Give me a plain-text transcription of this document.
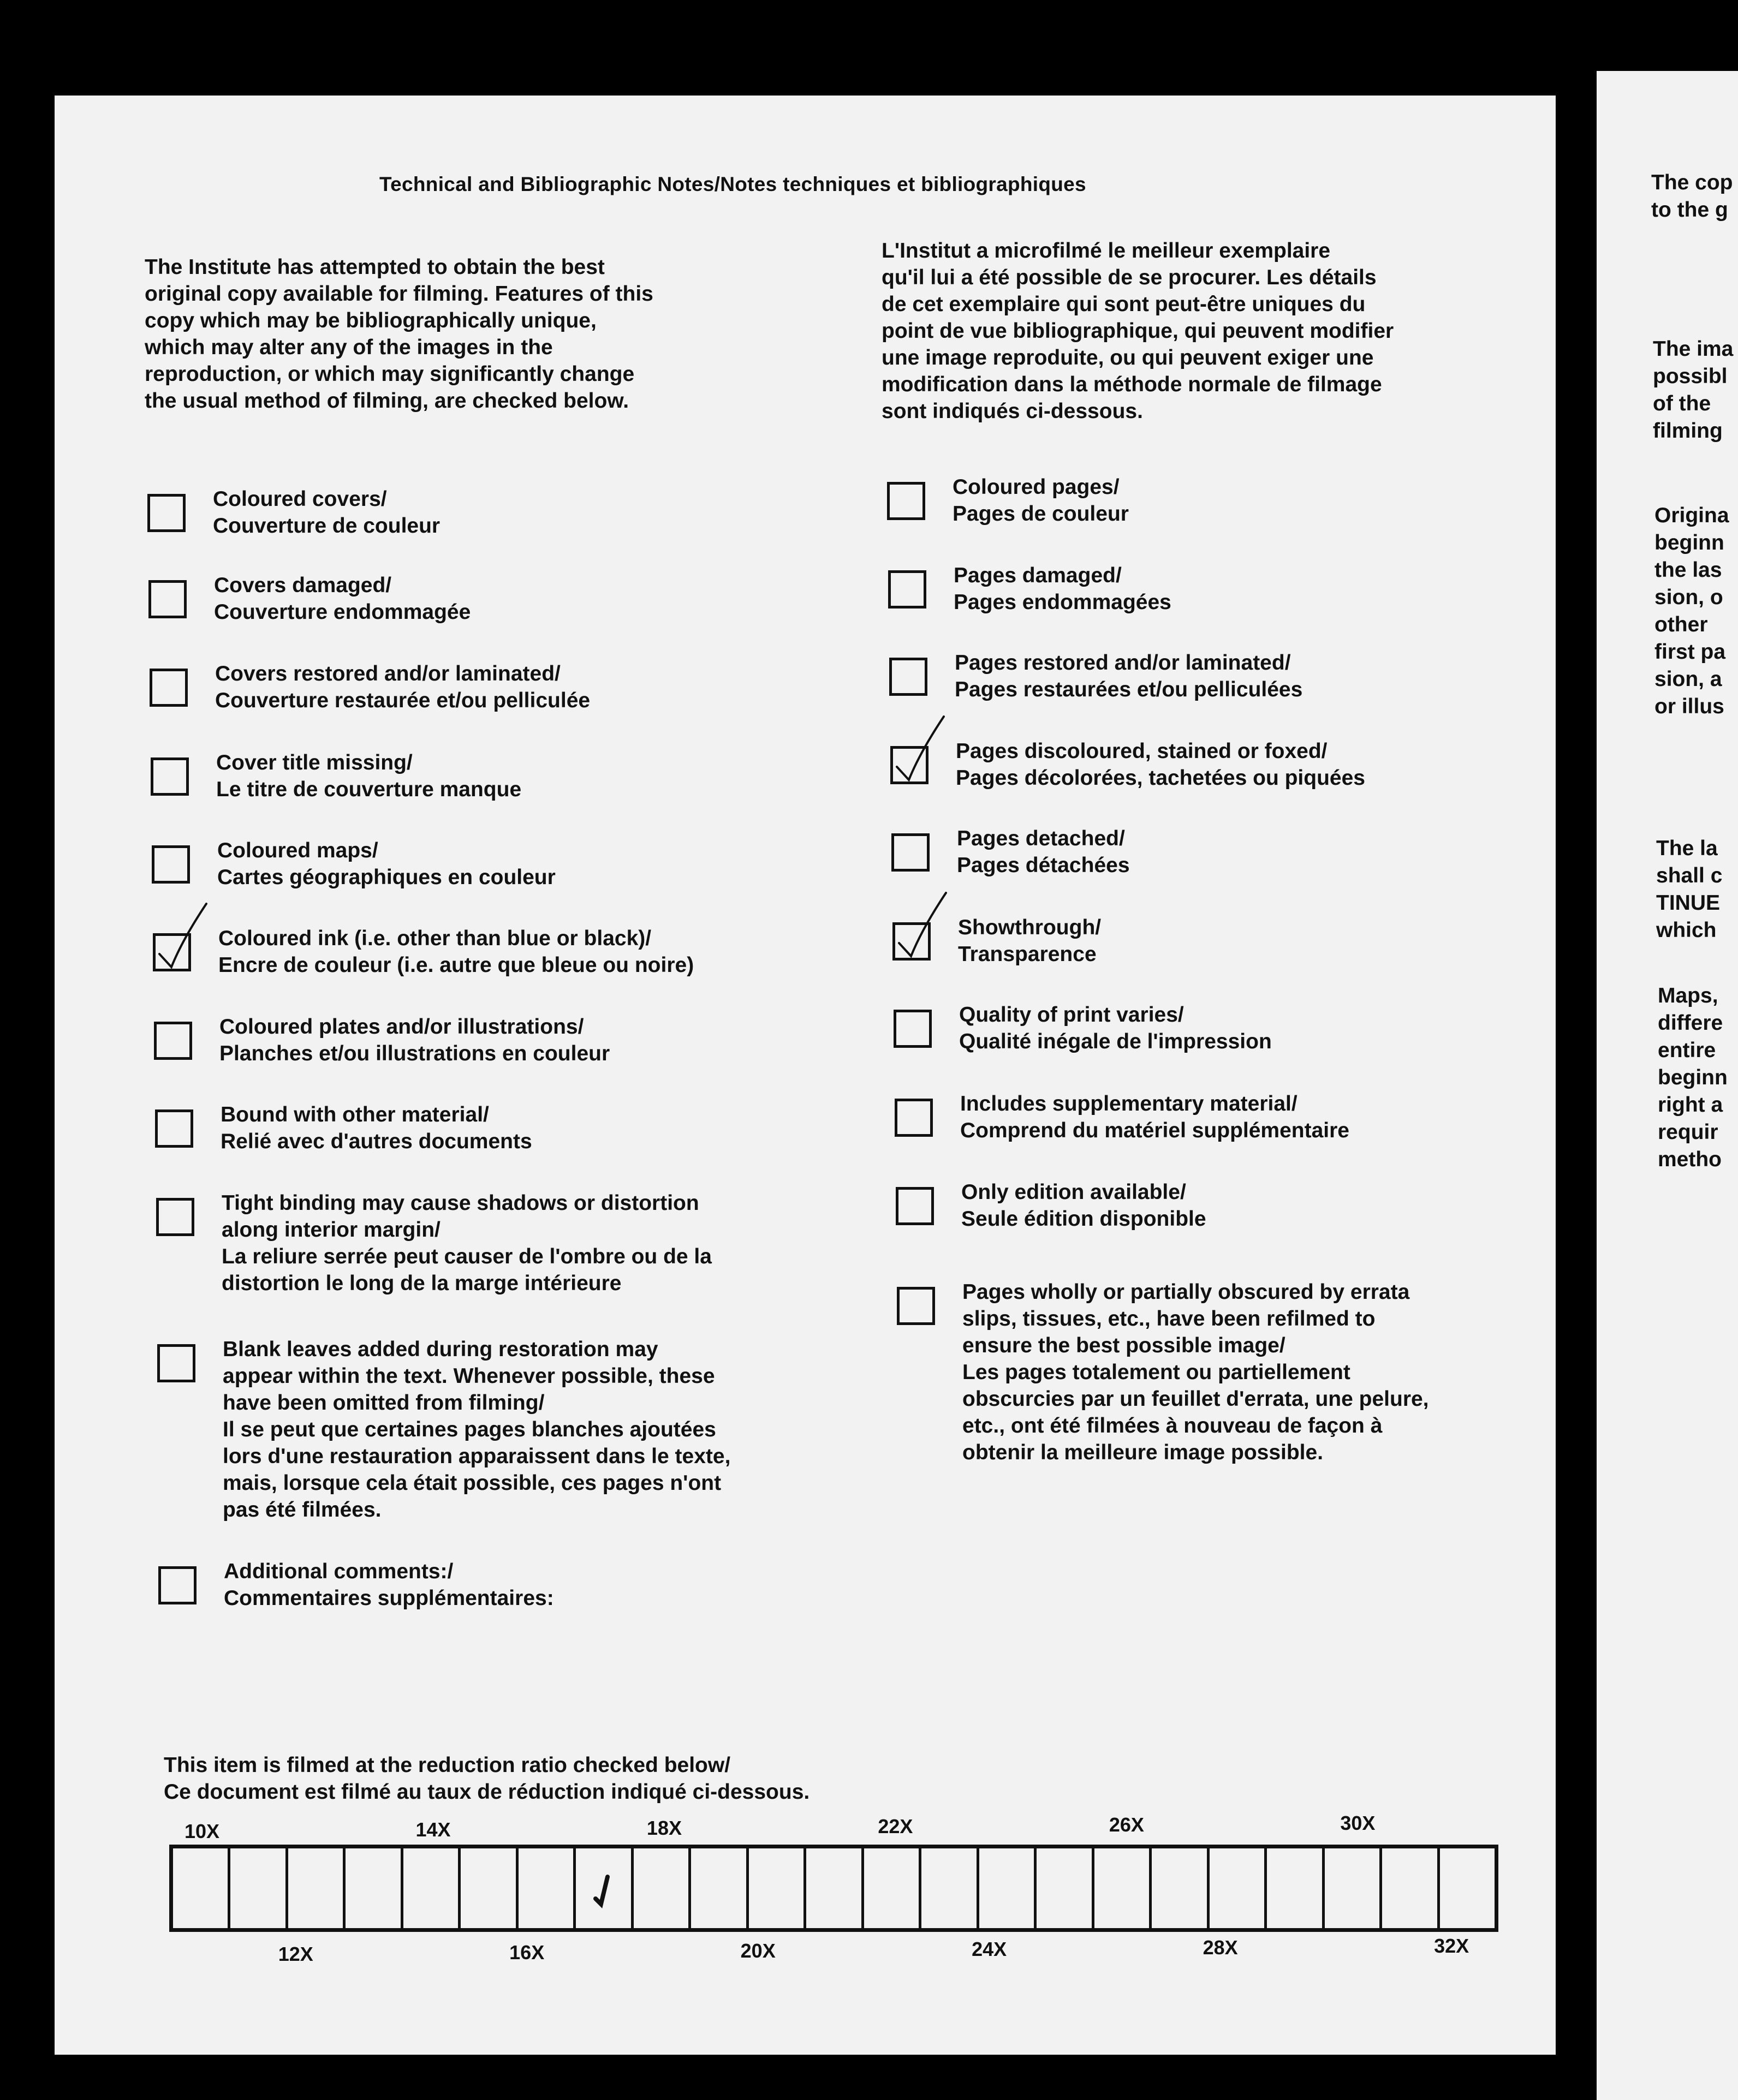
Technical and Bibliographic Notes/Notes techniques et bibliographiques
The Institute has attempted to obtain the best
original copy available for filming. Features of this
copy which may be bibliographically unique,
which may alter any of the images in the
reproduction, or which may significantly change
the usual method of filming, are checked below.
L'Institut a microfilmé le meilleur exemplaire
qu'il lui a été possible de se procurer. Les détails
de cet exemplaire qui sont peut-être uniques du
point de vue bibliographique, qui peuvent modifier
une image reproduite, ou qui peuvent exiger une
modification dans la méthode normale de filmage
sont indiqués ci-dessous.
Coloured covers/
Couverture de couleur
Covers damaged/
Couverture endommagée
Covers restored and/or laminated/
Couverture restaurée et/ou pelliculée
Cover title missing/
Le titre de couverture manque
Coloured maps/
Cartes géographiques en couleur
Coloured ink (i.e. other than blue or black)/
Encre de couleur (i.e. autre que bleue ou noire)
Coloured plates and/or illustrations/
Planches et/ou illustrations en couleur
Bound with other material/
Relié avec d'autres documents
Tight binding may cause shadows or distortion
along interior margin/
La reliure serrée peut causer de l'ombre ou de la
distortion le long de la marge intérieure
Blank leaves added during restoration may
appear within the text. Whenever possible, these
have been omitted from filming/
Il se peut que certaines pages blanches ajoutées
lors d'une restauration apparaissent dans le texte,
mais, lorsque cela était possible, ces pages n'ont
pas été filmées.
Additional comments:/
Commentaires supplémentaires:
Coloured pages/
Pages de couleur
Pages damaged/
Pages endommagées
Pages restored and/or laminated/
Pages restaurées et/ou pelliculées
Pages discoloured, stained or foxed/
Pages décolorées, tachetées ou piquées
Pages detached/
Pages détachées
Showthrough/
Transparence
Quality of print varies/
Qualité inégale de l'impression
Includes supplementary material/
Comprend du matériel supplémentaire
Only edition available/
Seule édition disponible
Pages wholly or partially obscured by errata
slips, tissues, etc., have been refilmed to
ensure the best possible image/
Les pages totalement ou partiellement
obscurcies par un feuillet d'errata, une pelure,
etc., ont été filmées à nouveau de façon à
obtenir la meilleure image possible.
This item is filmed at the reduction ratio checked below/
Ce document est filmé au taux de réduction indiqué ci-dessous.
10X	14X	18X	22X	26X	30X
12X	16X	20X	24X	28X	32X
The cop
to the g
The ima
possibl
of the
filming
Origina
beginn
the las
sion, o
other
first pa
sion, a
or illus
The la
shall c
TINUE
which
Maps,
differe
entire
beginn
right a
requir
metho
